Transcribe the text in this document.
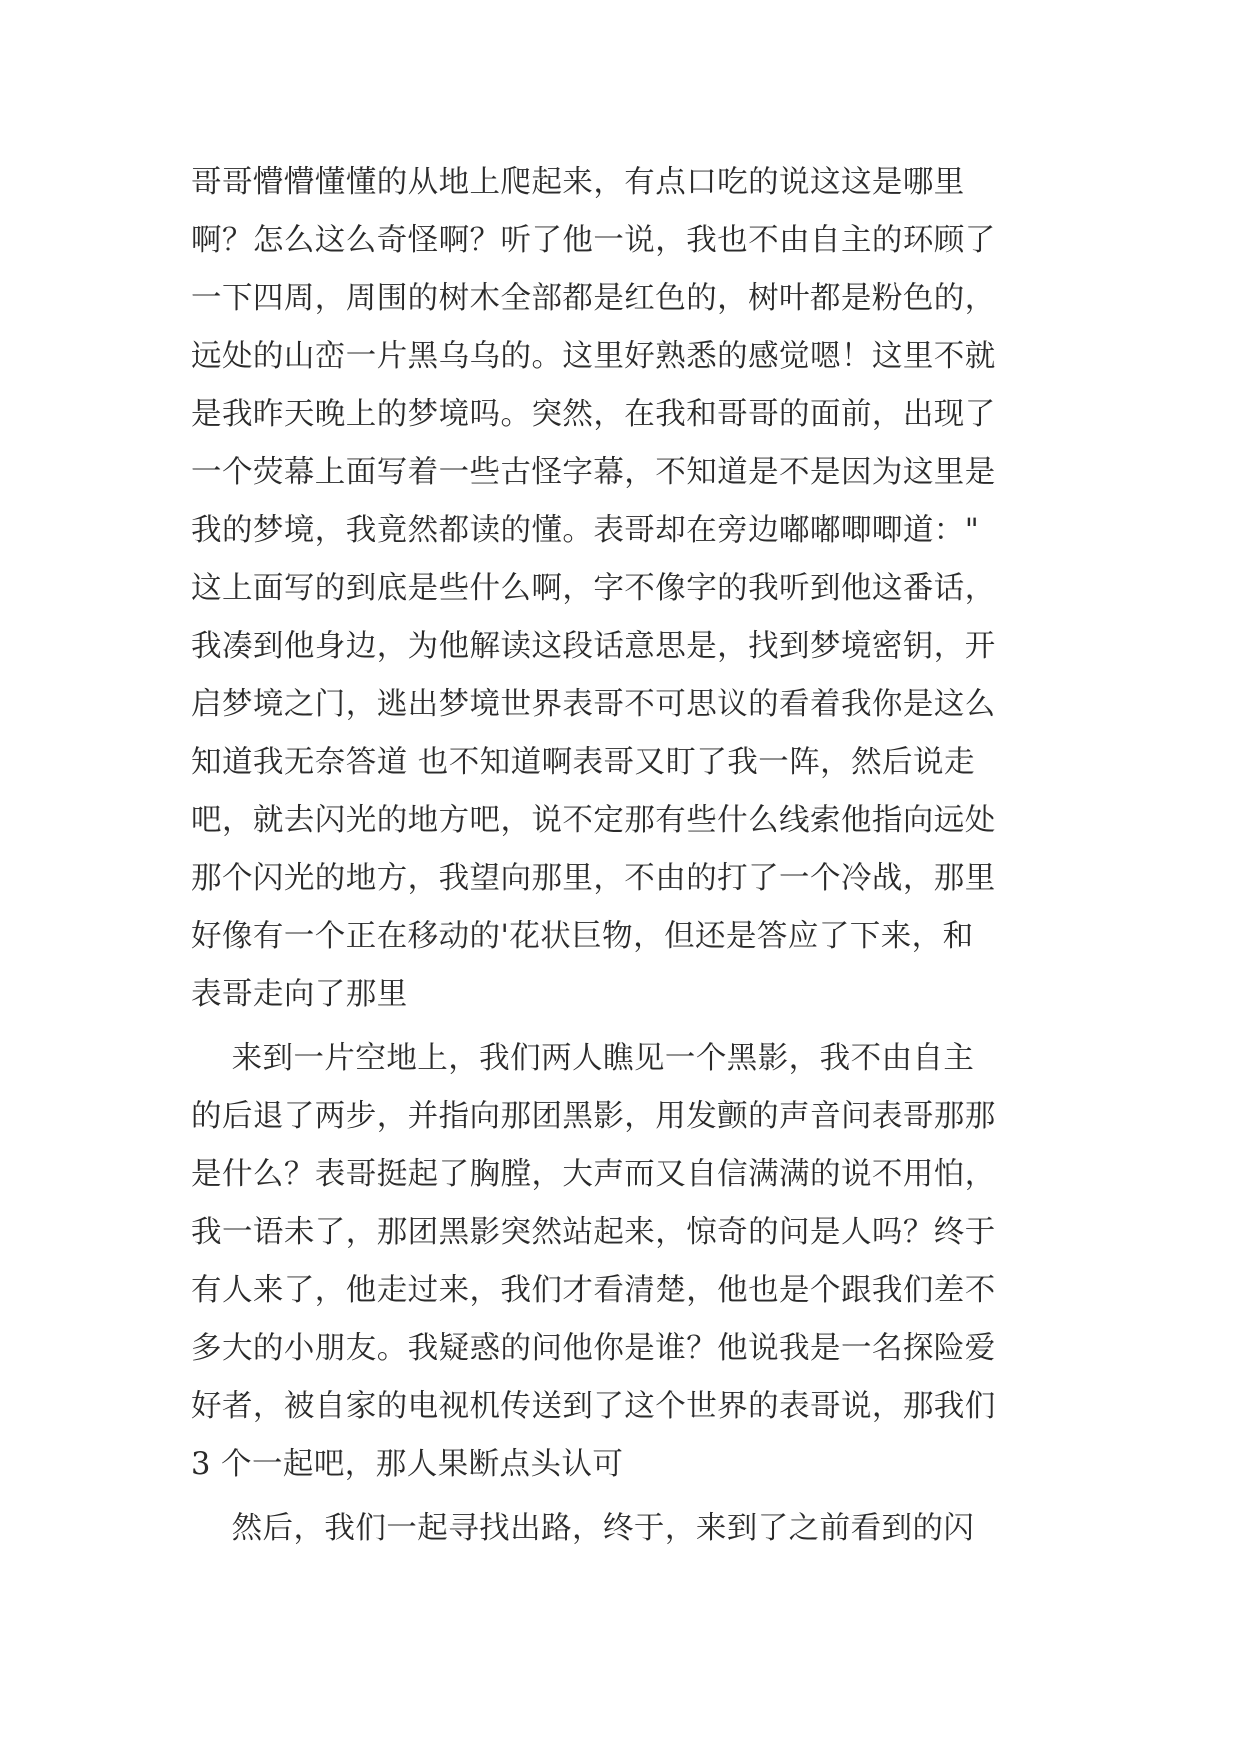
哥哥懵懵懂懂的从地上爬起来，有点口吃的说这这是哪里
啊？怎么这么奇怪啊？听了他一说，我也不由自主的环顾了
一下四周，周围的树木全部都是红色的，树叶都是粉色的，
远处的山峦一片黑乌乌的。这里好熟悉的感觉嗯！这里不就
是我昨天晚上的梦境吗。突然，在我和哥哥的面前，出现了
一个荧幕上面写着一些古怪字幕，不知道是不是因为这里是
我的梦境，我竟然都读的懂。表哥却在旁边嘟嘟唧唧道："
这上面写的到底是些什么啊，字不像字的我听到他这番话，
我凑到他身边，为他解读这段话意思是，找到梦境密钥，开
启梦境之门，逃出梦境世界表哥不可思议的看着我你是这么
知道我无奈答道 也不知道啊表哥又盯了我一阵，然后说走
吧，就去闪光的地方吧，说不定那有些什么线索他指向远处
那个闪光的地方，我望向那里，不由的打了一个冷战，那里
好像有一个正在移动的'花状巨物，但还是答应了下来，和
表哥走向了那里
来到一片空地上，我们两人瞧见一个黑影，我不由自主
的后退了两步，并指向那团黑影，用发颤的声音问表哥那那
是什么？表哥挺起了胸膛，大声而又自信满满的说不用怕，
我一语未了，那团黑影突然站起来，惊奇的问是人吗？终于
有人来了，他走过来，我们才看清楚，他也是个跟我们差不
多大的小朋友。我疑惑的问他你是谁？他说我是一名探险爱
好者，被自家的电视机传送到了这个世界的表哥说，那我们
3 个一起吧，那人果断点头认可
然后，我们一起寻找出路，终于，来到了之前看到的闪
